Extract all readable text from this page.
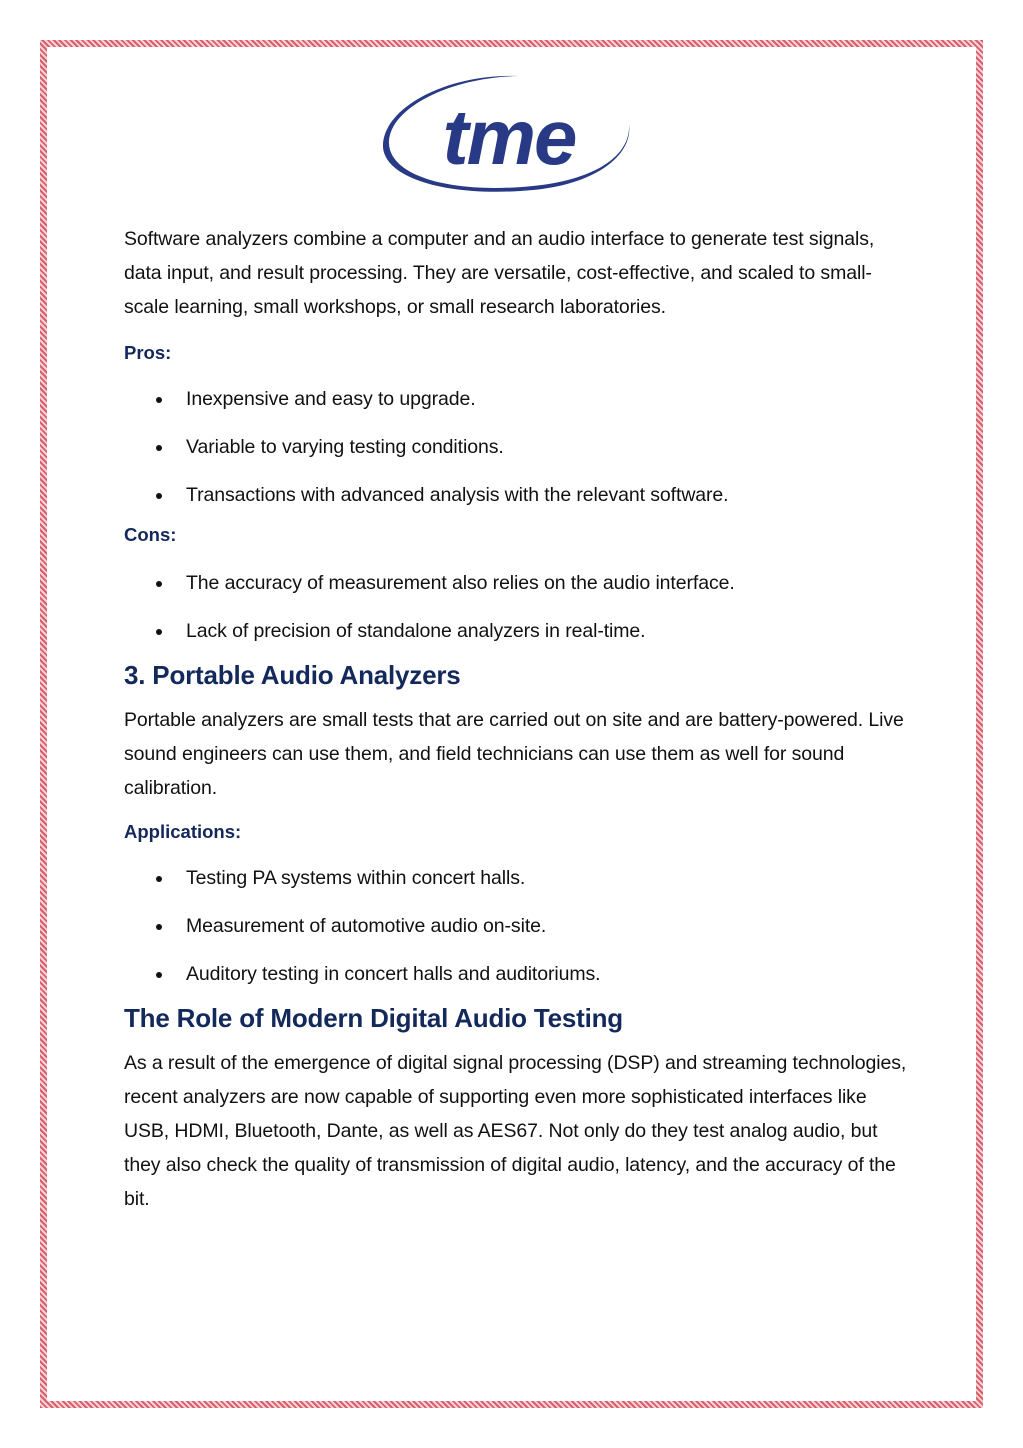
tme

Software analyzers combine a computer and an audio interface to generate test signals, data input, and result processing. They are versatile, cost-effective, and scaled to small-scale learning, small workshops, or small research laboratories.

Pros:

Inexpensive and easy to upgrade.
Variable to varying testing conditions.
Transactions with advanced analysis with the relevant software.

Cons:

The accuracy of measurement also relies on the audio interface.
Lack of precision of standalone analyzers in real-time.
3. Portable Audio Analyzers

Portable analyzers are small tests that are carried out on site and are battery-powered. Live sound engineers can use them, and field technicians can use them as well for sound calibration.

Applications:

Testing PA systems within concert halls.
Measurement of automotive audio on-site.
Auditory testing in concert halls and auditoriums.
The Role of Modern Digital Audio Testing

As a result of the emergence of digital signal processing (DSP) and streaming technologies, recent analyzers are now capable of supporting even more sophisticated interfaces like USB, HDMI, Bluetooth, Dante, as well as AES67. Not only do they test analog audio, but they also check the quality of transmission of digital audio, latency, and the accuracy of the bit.
